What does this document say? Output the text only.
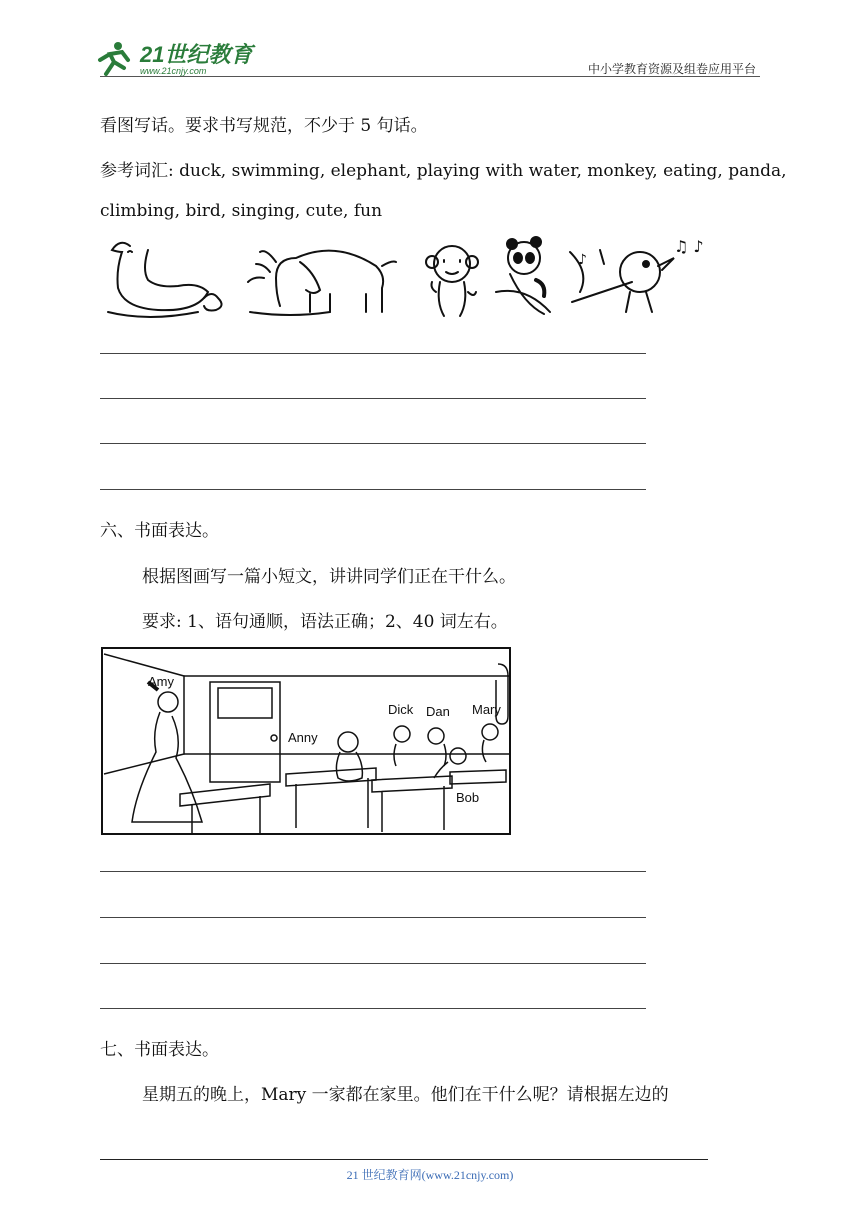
21世纪教育
www.21cnjy.com	中小学教育资源及组卷应用平台
看图写话。要求书写规范，不少于 5 句话。
参考词汇: duck, swimming, elephant, playing with water, monkey, eating, panda,
climbing, bird, singing, cute, fun
♫ ♪
♪
六、书面表达。
根据图画写一篇小短文，讲讲同学们正在干什么。
要求: 1、语句通顺，语法正确；2、40 词左右。
Amy
Dick Dan Mary
Anny
Bob
七、书面表达。
星期五的晚上，Mary 一家都在家里。他们在干什么呢？请根据左边的
21 世纪教育网(www.21cnjy.com)
